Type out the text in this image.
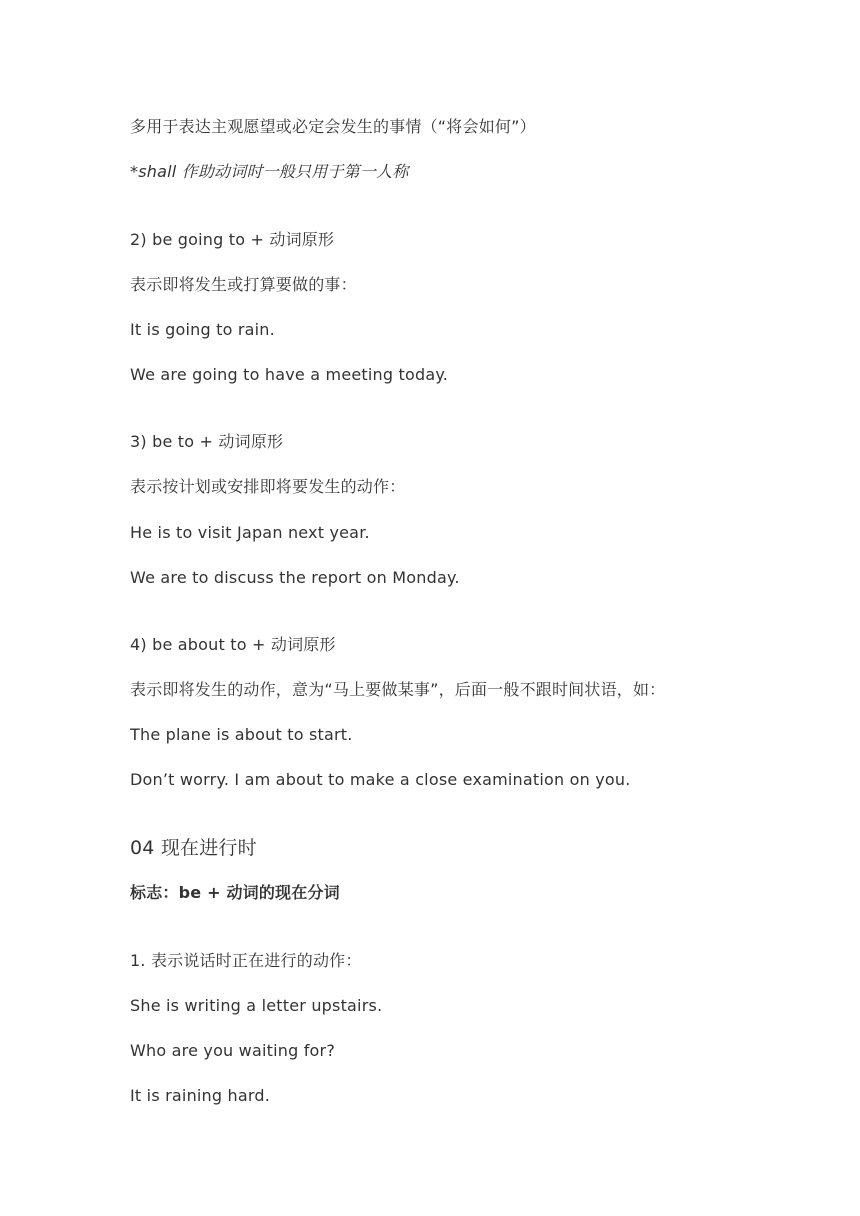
多用于表达主观愿望或必定会发生的事情（“将会如何”）
*shall 作助动词时一般只用于第一人称
2) be going to + 动词原形
表示即将发生或打算要做的事：
It is going to rain.
We are going to have a meeting today.
3) be to + 动词原形
表示按计划或安排即将要发生的动作：
He is to visit Japan next year.
We are to discuss the report on Monday.
4) be about to + 动词原形
表示即将发生的动作，意为“马上要做某事”，后面一般不跟时间状语，如：
The plane is about to start.
Don’t worry. I am about to make a close examination on you.
04 现在进行时
标志：be + 动词的现在分词
1. 表示说话时正在进行的动作：
She is writing a letter upstairs.
Who are you waiting for?
It is raining hard.
